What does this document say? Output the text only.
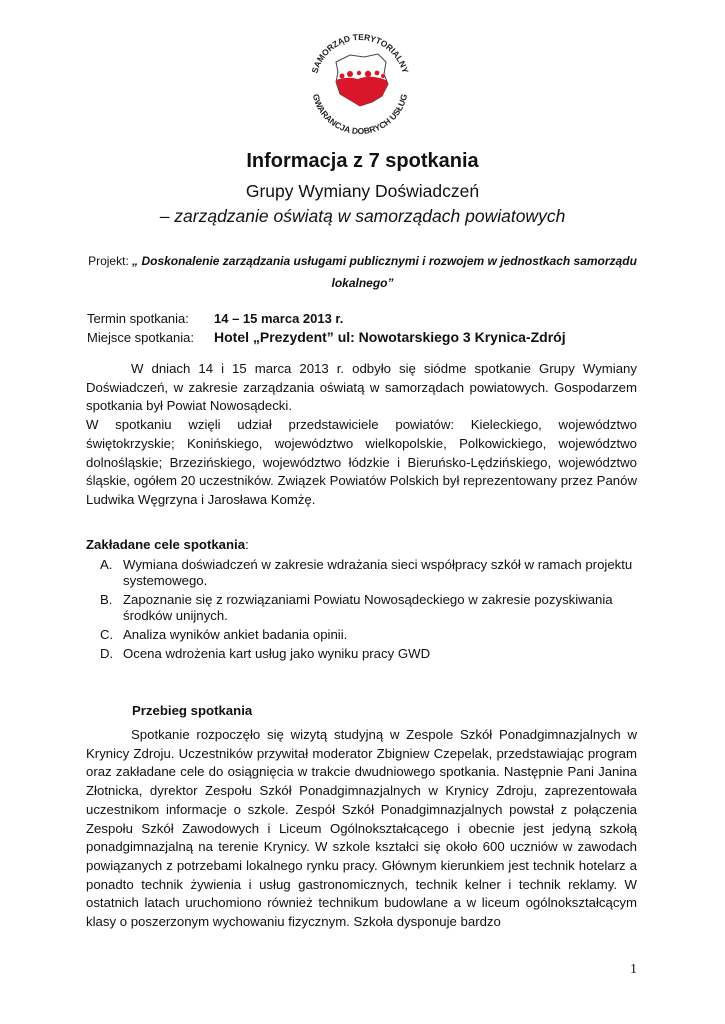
SAMORZĄD TERYTORIALNY
GWARANCJA DOBRYCH USŁUG
Informacja z 7 spotkania
Grupy Wymiany Doświadczeń
– zarządzanie oświatą w samorządach powiatowych
Projekt: „ Doskonalenie zarządzania usługami publicznymi i rozwojem w jednostkach samorządu
lokalnego”
Termin spotkania: 14 – 15 marca 2013 r.
Miejsce spotkania: Hotel „Prezydent” ul: Nowotarskiego 3 Krynica-Zdrój

W dniach 14 i 15 marca 2013 r. odbyło się siódme spotkanie Grupy Wymiany Doświadczeń, w zakresie zarządzania oświatą w samorządach powiatowych. Gospodarzem spotkania był Powiat Nowosądecki.

W spotkaniu wzięli udział przedstawiciele powiatów: Kieleckiego, województwo świętokrzyskie; Konińskiego, województwo wielkopolskie, Polkowickiego, województwo dolnośląskie; Brzezińskiego, województwo łódzkie i Bieruńsko-Lędzińskiego, województwo śląskie, ogółem 20 uczestników. Związek Powiatów Polskich był reprezentowany przez Panów Ludwika Węgrzyna i Jarosława Komżę.

Zakładane cele spotkania:
A. Wymiana doświadczeń w zakresie wdrażania sieci współpracy szkół w ramach projektu systemowego.
B. Zapoznanie się z rozwiązaniami Powiatu Nowosądeckiego w zakresie pozyskiwania środków unijnych.
C. Analiza wyników ankiet badania opinii.
D. Ocena wdrożenia kart usług jako wyniku pracy GWD
Przebieg spotkania

Spotkanie rozpoczęło się wizytą studyjną w Zespole Szkół Ponadgimnazjalnych w Krynicy Zdroju. Uczestników przywitał moderator Zbigniew Czepelak, przedstawiając program oraz zakładane cele do osiągnięcia w trakcie dwudniowego spotkania. Następnie Pani Janina Złotnicka, dyrektor Zespołu Szkół Ponadgimnazjalnych w Krynicy Zdroju, zaprezentowała uczestnikom informacje o szkole. Zespół Szkół Ponadgimnazjalnych powstał z połączenia Zespołu Szkół Zawodowych i Liceum Ogólnokształcącego i obecnie jest jedyną szkołą ponadgimnazjalną na terenie Krynicy. W szkole kształci się około 600 uczniów w zawodach powiązanych z potrzebami lokalnego rynku pracy. Głównym kierunkiem jest technik hotelarz a ponadto technik żywienia i usług gastronomicznych, technik kelner i technik reklamy. W ostatnich latach uruchomiono również technikum budowlane a w liceum ogólnokształcącym klasy o poszerzonym wychowaniu fizycznym. Szkoła dysponuje bardzo

1
